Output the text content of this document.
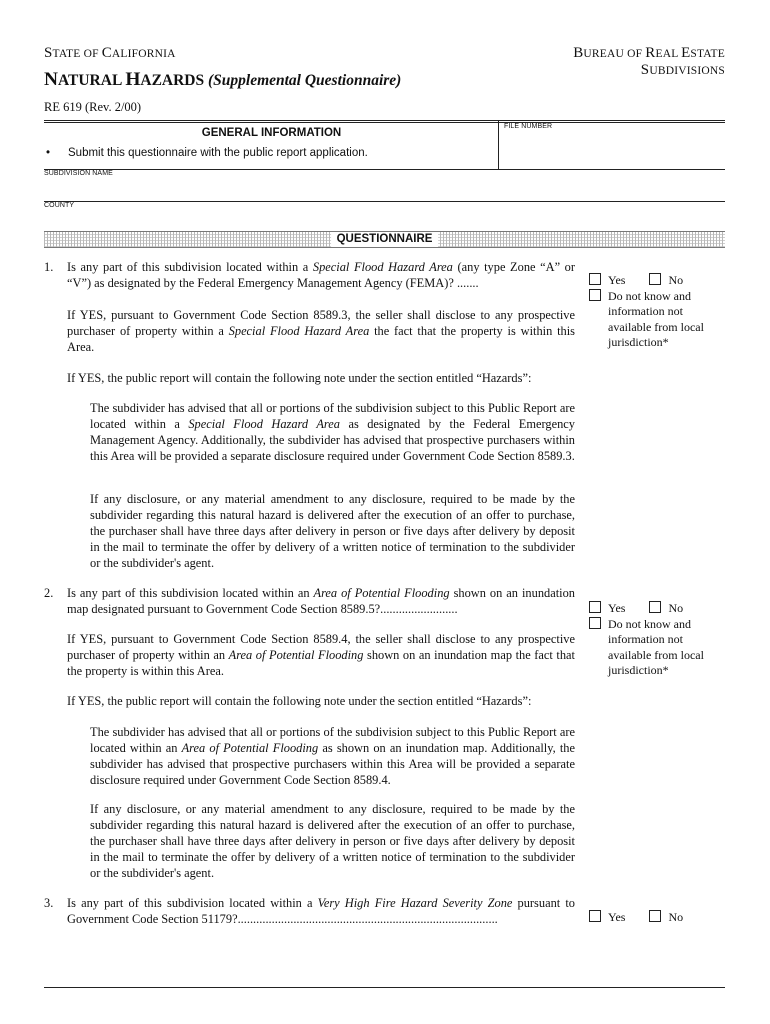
STATE OF CALIFORNIA	BUREAU OF REAL ESTATE
SUBDIVISIONS
NATURAL HAZARDS (Supplemental Questionnaire)
RE 619 (Rev. 2/00)
FILE NUMBER
GENERAL INFORMATION
• Submit this questionnaire with the public report application.
SUBDIVISION NAME
COUNTY
QUESTIONNAIRE
1.	Is any part of this subdivision located within a Special Flood Hazard Area (any type Zone “A” or “V”) as designated by the Federal Emergency Management Agency (FEMA)? .......
If YES, pursuant to Government Code Section 8589.3, the seller shall disclose to any prospective purchaser of property within a Special Flood Hazard Area the fact that the property is within this Area.
If YES, the public report will contain the following note under the section entitled “Hazards”:
The subdivider has advised that all or portions of the subdivision subject to this Public Report are located within a Special Flood Hazard Area as designated by the Federal Emergency Management Agency. Additionally, the subdivider has advised that prospective purchasers within this Area will be provided a separate disclosure required under Government Code Section 8589.3.
If any disclosure, or any material amendment to any disclosure, required to be made by the subdivider regarding this natural hazard is delivered after the execution of an offer to purchase, the purchaser shall have three days after delivery in person or five days after delivery by deposit in the mail to terminate the offer by delivery of a written notice of termination to the subdivider or the subdivider's agent.
Yes	No
Do not know and
information not
available from local
jurisdiction*
2.	Is any part of this subdivision located within an Area of Potential Flooding shown on an inundation map designated pursuant to Government Code Section 8589.5?.........................
If YES, pursuant to Government Code Section 8589.4, the seller shall disclose to any prospective purchaser of property within an Area of Potential Flooding shown on an inundation map the fact that the property is within this Area.
If YES, the public report will contain the following note under the section entitled “Hazards”:
The subdivider has advised that all or portions of the subdivision subject to this Public Report are located within an Area of Potential Flooding as shown on an inundation map. Additionally, the subdivider has advised that prospective purchasers within this Area will be provided a separate disclosure required under Government Code Section 8589.4.
If any disclosure, or any material amendment to any disclosure, required to be made by the subdivider regarding this natural hazard is delivered after the execution of an offer to purchase, the purchaser shall have three days after delivery in person or five days after delivery by deposit in the mail to terminate the offer by delivery of a written notice of termination to the subdivider or the subdivider's agent.
Yes	No
Do not know and
information not
available from local
jurisdiction*
3.	Is any part of this subdivision located within a Very High Fire Hazard Severity Zone pursuant to Government Code Section 51179?....................................................................................	Yes	No
